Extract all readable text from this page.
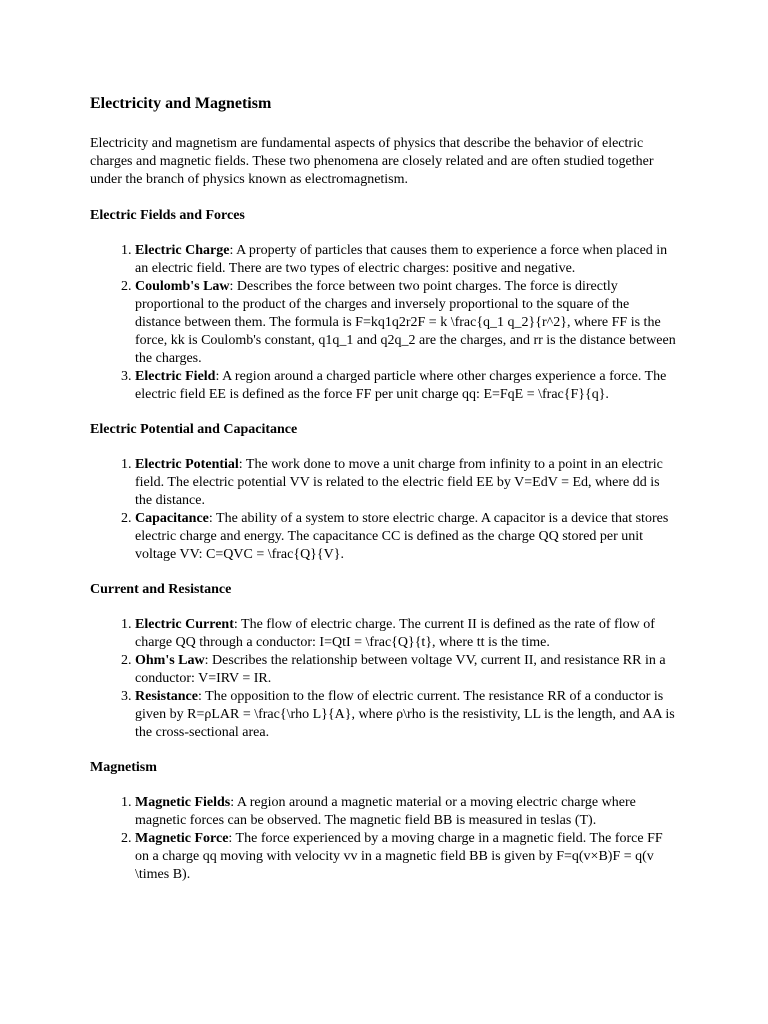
Electricity and Magnetism

Electricity and magnetism are fundamental aspects of physics that describe the behavior of electric charges and magnetic fields. These two phenomena are closely related and are often studied together under the branch of physics known as electromagnetism.

Electric Fields and Forces
1. Electric Charge: A property of particles that causes them to experience a force when placed in an electric field. There are two types of electric charges: positive and negative.
2. Coulomb's Law: Describes the force between two point charges. The force is directly proportional to the product of the charges and inversely proportional to the square of the distance between them. The formula is F=kq1q2r2F = k \frac{q_1 q_2}{r^2}, where FF is the force, kk is Coulomb's constant, q1q_1 and q2q_2 are the charges, and rr is the distance between the charges.
3. Electric Field: A region around a charged particle where other charges experience a force. The electric field EE is defined as the force FF per unit charge qq: E=FqE = \frac{F}{q}.
Electric Potential and Capacitance
1. Electric Potential: The work done to move a unit charge from infinity to a point in an electric field. The electric potential VV is related to the electric field EE by V=EdV = Ed, where dd is the distance.
2. Capacitance: The ability of a system to store electric charge. A capacitor is a device that stores electric charge and energy. The capacitance CC is defined as the charge QQ stored per unit voltage VV: C=QVC = \frac{Q}{V}.
Current and Resistance
1. Electric Current: The flow of electric charge. The current II is defined as the rate of flow of charge QQ through a conductor: I=QtI = \frac{Q}{t}, where tt is the time.
2. Ohm's Law: Describes the relationship between voltage VV, current II, and resistance RR in a conductor: V=IRV = IR.
3. Resistance: The opposition to the flow of electric current. The resistance RR of a conductor is given by R=ρLAR = \frac{\rho L}{A}, where ρ\rho is the resistivity, LL is the length, and AA is the cross-sectional area.
Magnetism
1. Magnetic Fields: A region around a magnetic material or a moving electric charge where magnetic forces can be observed. The magnetic field BB is measured in teslas (T).
2. Magnetic Force: The force experienced by a moving charge in a magnetic field. The force FF on a charge qq moving with velocity vv in a magnetic field BB is given by F=q(v×B)F = q(v \times B).
